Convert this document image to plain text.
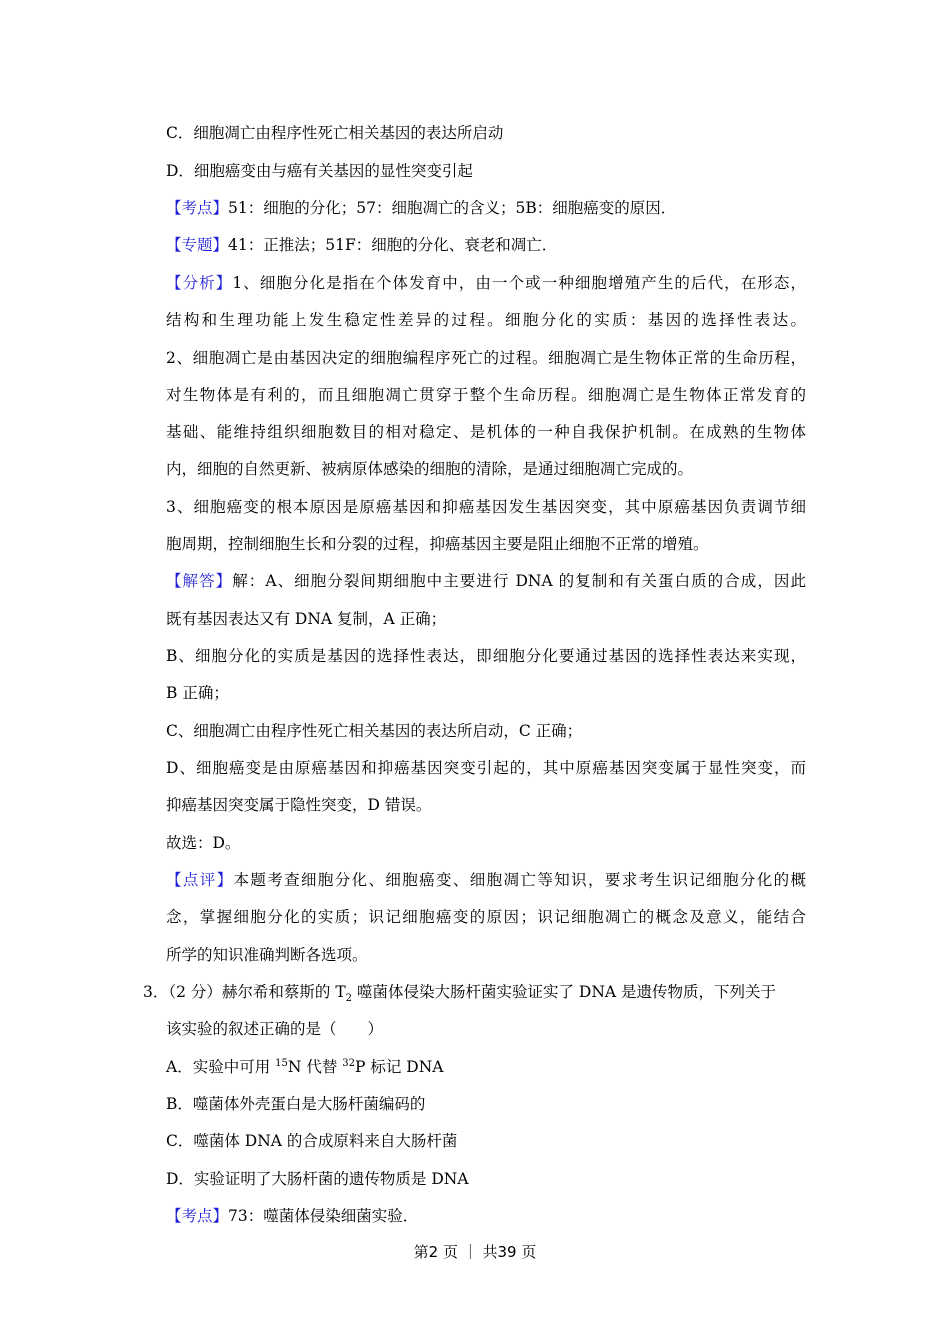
C．细胞凋亡由程序性死亡相关基因的表达所启动
D．细胞癌变由与癌有关基因的显性突变引起
【考点】51：细胞的分化；57：细胞凋亡的含义；5B：细胞癌变的原因．
【专题】41：正推法；51F：细胞的分化、衰老和凋亡．
【分析】1、细胞分化是指在个体发育中，由一个或一种细胞增殖产生的后代，在形态，
结构和生理功能上发生稳定性差异的过程。细胞分化的实质：基因的选择性表达。
2、细胞凋亡是由基因决定的细胞编程序死亡的过程。细胞凋亡是生物体正常的生命历程，
对生物体是有利的，而且细胞凋亡贯穿于整个生命历程。细胞凋亡是生物体正常发育的
基础、能维持组织细胞数目的相对稳定、是机体的一种自我保护机制。在成熟的生物体
内，细胞的自然更新、被病原体感染的细胞的清除，是通过细胞凋亡完成的。
3、细胞癌变的根本原因是原癌基因和抑癌基因发生基因突变，其中原癌基因负责调节细
胞周期，控制细胞生长和分裂的过程，抑癌基因主要是阻止细胞不正常的增殖。
【解答】解：A、细胞分裂间期细胞中主要进行 DNA 的复制和有关蛋白质的合成，因此
既有基因表达又有 DNA 复制，A 正确；
B、细胞分化的实质是基因的选择性表达，即细胞分化要通过基因的选择性表达来实现，
B 正确；
C、细胞凋亡由程序性死亡相关基因的表达所启动，C 正确；
D、细胞癌变是由原癌基因和抑癌基因突变引起的，其中原癌基因突变属于显性突变，而
抑癌基因突变属于隐性突变，D 错误。
故选：D。
【点评】本题考查细胞分化、细胞癌变、细胞凋亡等知识，要求考生识记细胞分化的概
念，掌握细胞分化的实质；识记细胞癌变的原因；识记细胞凋亡的概念及意义，能结合
所学的知识准确判断各选项。
3．（2 分）赫尔希和蔡斯的 $T_2$ 噬菌体侵染大肠杆菌实验证实了 DNA 是遗传物质，下列关于
该实验的叙述正确的是（　　）
A．实验中可用 $^{15}$N 代替 $^{32}$P 标记 DNA
B．噬菌体外壳蛋白是大肠杆菌编码的
C．噬菌体 DNA 的合成原料来自大肠杆菌
D．实验证明了大肠杆菌的遗传物质是 DNA
【考点】73：噬菌体侵染细菌实验．
第2 页 ｜ 共39 页
